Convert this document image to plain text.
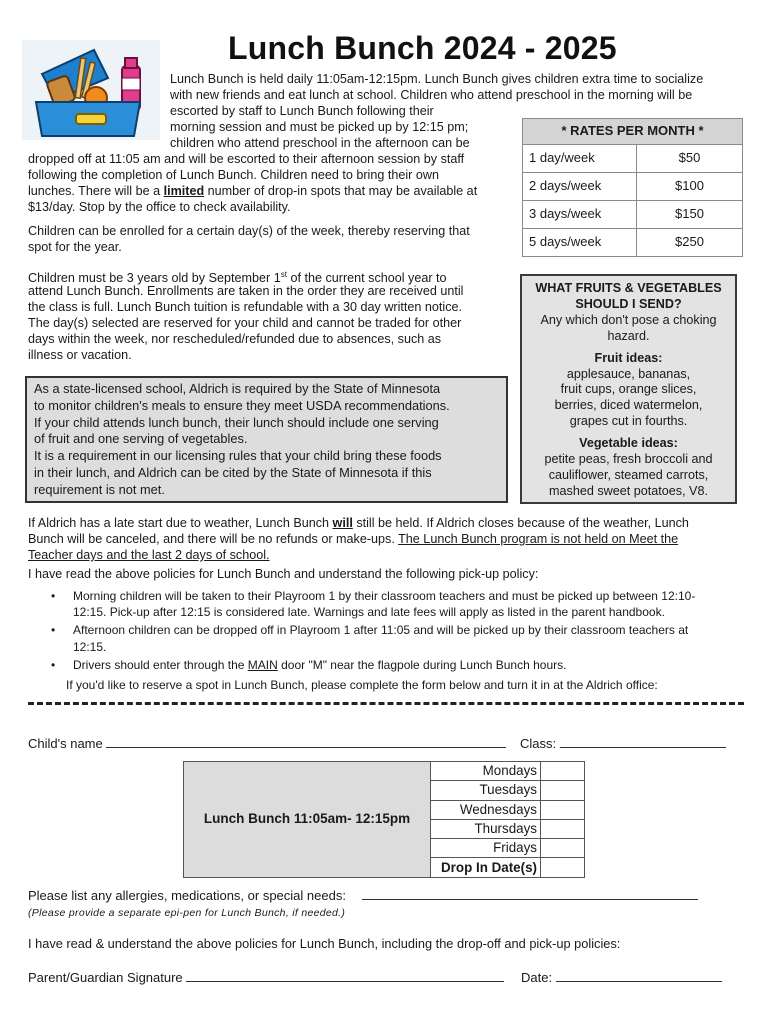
Lunch Bunch 2024 - 2025
Lunch Bunch is held daily 11:05am-12:15pm. Lunch Bunch gives children extra time to socialize
with new friends and eat lunch at school. Children who attend preschool in the morning will be
escorted by staff to Lunch Bunch following their
morning session and must be picked up by 12:15 pm;
children who attend preschool in the afternoon can be
dropped off at 11:05 am and will be escorted to their afternoon session by staff
following the completion of Lunch Bunch. Children need to bring their own
lunches. There will be a limited number of drop-in spots that may be available at
$13/day. Stop by the office to check availability.
Children can be enrolled for a certain day(s) of the week, thereby reserving that
spot for the year.
Children must be 3 years old by September 1st of the current school year to
attend Lunch Bunch. Enrollments are taken in the order they are received until
the class is full. Lunch Bunch tuition is refundable with a 30 day written notice.
The day(s) selected are reserved for your child and cannot be traded for other
days within the week, nor rescheduled/refunded due to absences, such as
illness or vacation.
* RATES PER MONTH *	
1 day/week	$50
2 days/week	$100
3 days/week	$150
5 days/week	$250
WHAT FRUITS & VEGETABLES
SHOULD I SEND?
Any which don't pose a choking
hazard.
Fruit ideas:
applesauce, bananas,
fruit cups, orange slices,
berries, diced watermelon,
grapes cut in fourths.
Vegetable ideas:
petite peas, fresh broccoli and
cauliflower, steamed carrots,
mashed sweet potatoes, V8.
As a state-licensed school, Aldrich is required by the State of Minnesota
to monitor children's meals to ensure they meet USDA recommendations.
If your child attends lunch bunch, their lunch should include one serving
of fruit and one serving of vegetables.
It is a requirement in our licensing rules that your child bring these foods
in their lunch, and Aldrich can be cited by the State of Minnesota if this
requirement is not met.
If Aldrich has a late start due to weather, Lunch Bunch will still be held. If Aldrich closes because of the weather, Lunch
Bunch will be canceled, and there will be no refunds or make-ups. The Lunch Bunch program is not held on Meet the
Teacher days and the last 2 days of school.
I have read the above policies for Lunch Bunch and understand the following pick-up policy:
• Morning children will be taken to their Playroom 1 by their classroom teachers and must be picked up between 12:10-
12:15. Pick-up after 12:15 is considered late. Warnings and late fees will apply as listed in the parent handbook.
• Afternoon children can be dropped off in Playroom 1 after 11:05 and will be picked up by their classroom teachers at
12:15.
• Drivers should enter through the MAIN door "M" near the flagpole during Lunch Bunch hours.
If you'd like to reserve a spot in Lunch Bunch, please complete the form below and turn it in at the Aldrich office:
Child's name	Class:
Lunch Bunch 11:05am- 12:15pm	Mondays	
	Tuesdays	
	Wednesdays	
	Thursdays	
	Fridays	
	Drop In Date(s)	
Please list any allergies, medications, or special needs:
(Please provide a separate epi-pen for Lunch Bunch, if needed.)
I have read & understand the above policies for Lunch Bunch, including the drop-off and pick-up policies:
Parent/Guardian Signature	Date:
